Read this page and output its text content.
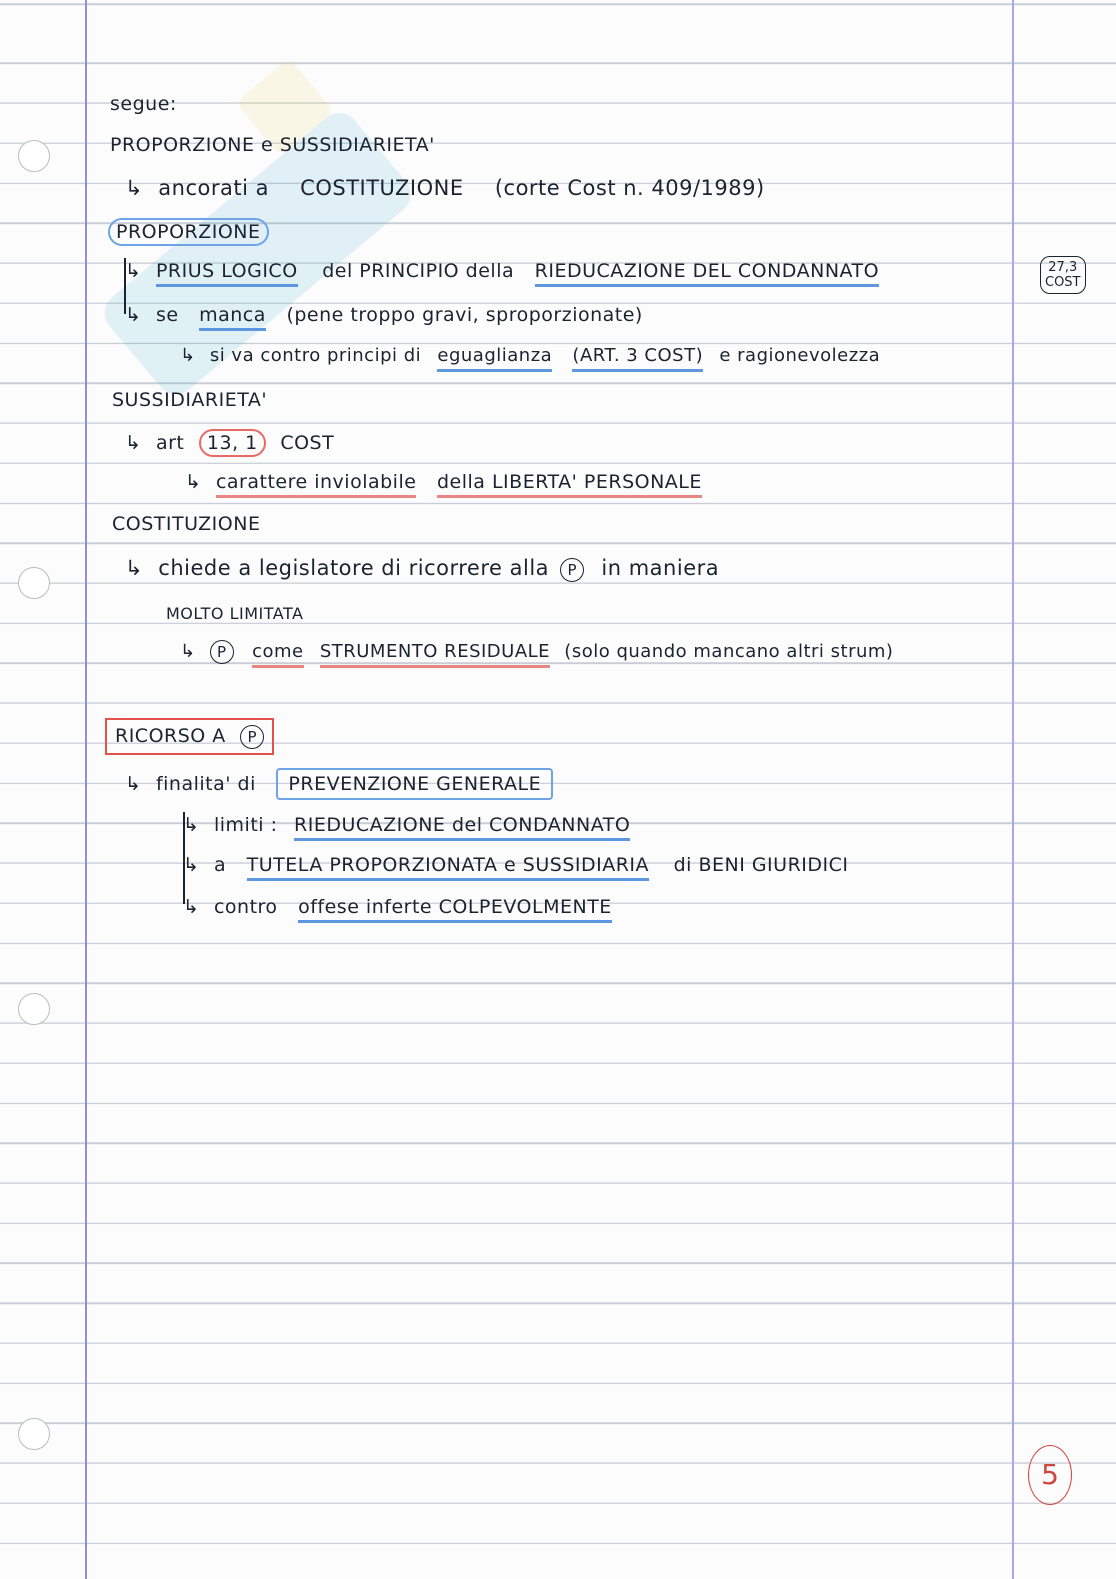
segue:
PROPORZIONE e SUSSIDIARIETA'
↳ ancorati a COSTITUZIONE (corte Cost n. 409/1989)
PROPORZIONE
↳ PRIUS LOGICO del PRINCIPIO della RIEDUCAZIONE DEL CONDANNATO	27,3
COST
↳ se manca (pene troppo gravi, sproporzionate)
↳ si va contro principi di eguaglianza (ART. 3 COST) e ragionevolezza
SUSSIDIARIETA'
↳ art 13, 1 COST
↳ carattere inviolabile della LIBERTA' PERSONALE
COSTITUZIONE
↳ chiede a legislatore di ricorrere alla P in maniera
MOLTO LIMITATA
↳ P come STRUMENTO RESIDUALE (solo quando mancano altri strum)
RICORSO A P
↳ finalita' di PREVENZIONE GENERALE
↳ limiti : RIEDUCAZIONE del CONDANNATO
↳ a TUTELA PROPORZIONATA e SUSSIDIARIA di BENI GIURIDICI
↳ contro offese inferte COLPEVOLMENTE
5
